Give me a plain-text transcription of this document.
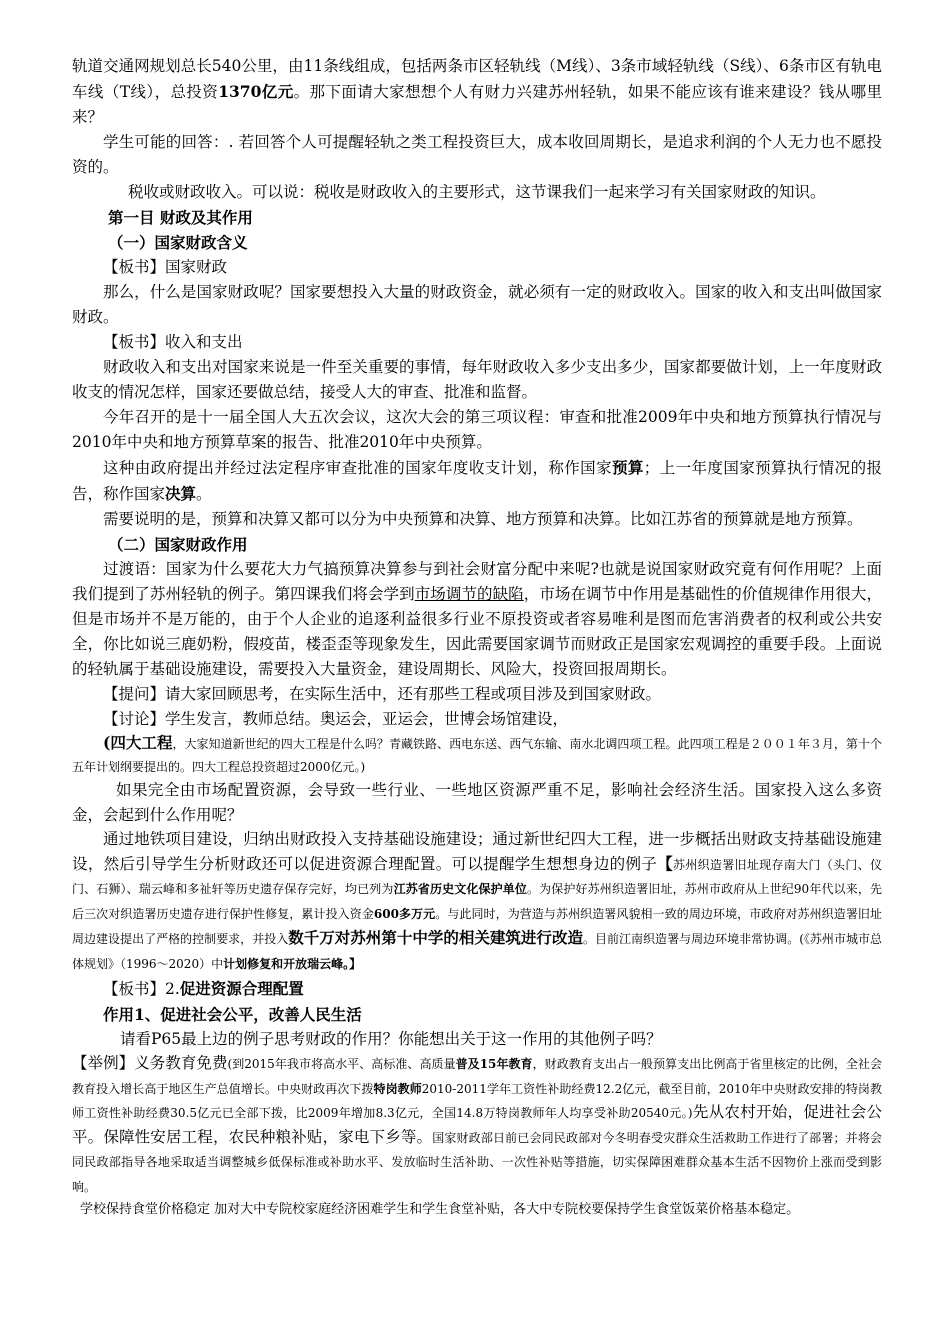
轨道交通网规划总长540公里，由11条线组成，包括两条市区轻轨线（M线）、3条市域轻轨线（S线）、6条市区有轨电车线（T线），总投资1370亿元。那下面请大家想想个人有财力兴建苏州轻轨，如果不能应该有谁来建设？钱从哪里来？

学生可能的回答：. 若回答个人可提醒轻轨之类工程投资巨大，成本收回周期长，是追求利润的个人无力也不愿投资的。

税收或财政收入。可以说：税收是财政收入的主要形式，这节课我们一起来学习有关国家财政的知识。

第一目 财政及其作用

（一）国家财政含义

【板书】国家财政

那么，什么是国家财政呢？国家要想投入大量的财政资金，就必须有一定的财政收入。国家的收入和支出叫做国家财政。

【板书】收入和支出

财政收入和支出对国家来说是一件至关重要的事情，每年财政收入多少支出多少，国家都要做计划，上一年度财政收支的情况怎样，国家还要做总结，接受人大的审查、批准和监督。

今年召开的是十一届全国人大五次会议，这次大会的第三项议程：审查和批准2009年中央和地方预算执行情况与2010年中央和地方预算草案的报告、批准2010年中央预算。

这种由政府提出并经过法定程序审查批准的国家年度收支计划，称作国家预算；上一年度国家预算执行情况的报告，称作国家决算。

需要说明的是，预算和决算又都可以分为中央预算和决算、地方预算和决算。比如江苏省的预算就是地方预算。

（二）国家财政作用

过渡语：国家为什么要花大力气搞预算决算参与到社会财富分配中来呢?也就是说国家财政究竟有何作用呢？上面我们提到了苏州轻轨的例子。第四课我们将会学到市场调节的缺陷，市场在调节中作用是基础性的价值规律作用很大，但是市场并不是万能的，由于个人企业的追逐利益很多行业不原投资或者容易唯利是图而危害消费者的权利或公共安全，你比如说三鹿奶粉，假疫苗，楼歪歪等现象发生，因此需要国家调节而财政正是国家宏观调控的重要手段。上面说的轻轨属于基础设施建设，需要投入大量资金，建设周期长、风险大，投资回报周期长。

【提问】请大家回顾思考，在实际生活中，还有那些工程或项目涉及到国家财政。

【讨论】学生发言，教师总结。奥运会，亚运会，世博会场馆建设，

(四大工程，大家知道新世纪的四大工程是什么吗？青藏铁路、西电东送、西气东输、南水北调四项工程。此四项工程是２００１年３月，第十个五年计划纲要提出的。四大工程总投资超过2000亿元。)

如果完全由市场配置资源，会导致一些行业、一些地区资源严重不足，影响社会经济生活。国家投入这么多资金，会起到什么作用呢？

通过地铁项目建设，归纳出财政投入支持基础设施建设；通过新世纪四大工程，进一步概括出财政支持基础设施建设，然后引导学生分析财政还可以促进资源合理配置。可以提醒学生想想身边的例子【苏州织造署旧址现存南大门（头门、仪门、石狮）、瑞云峰和多祉轩等历史遗存保存完好，均已列为江苏省历史文化保护单位。为保护好苏州织造署旧址，苏州市政府从上世纪90年代以来，先后三次对织造署历史遗存进行保护性修复，累计投入资金600多万元。与此同时，为营造与苏州织造署风貌相一致的周边环境，市政府对苏州织造署旧址周边建设提出了严格的控制要求，并投入数千万对苏州第十中学的相关建筑进行改造。目前江南织造署与周边环境非常协调。(《苏州市城市总体规划》（1996～2020）中计划修复和开放瑞云峰。】

【板书】2.促进资源合理配置

作用1、促进社会公平，改善人民生活

请看P65最上边的例子思考财政的作用？你能想出关于这一作用的其他例子吗？

【举例】义务教育免费(到2015年我市将高水平、高标准、高质量普及15年教育，财政教育支出占一般预算支出比例高于省里核定的比例，全社会教育投入增长高于地区生产总值增长。中央财政再次下拨特岗教师2010-2011学年工资性补助经费12.2亿元，截至目前，2010年中央财政安排的特岗教师工资性补助经费30.5亿元已全部下拨，比2009年增加8.3亿元，全国14.8万特岗教师年人均享受补助20540元。)先从农村开始，促进社会公平。保障性安居工程，农民种粮补贴，家电下乡等。国家财政部日前已会同民政部对今冬明春受灾群众生活救助工作进行了部署；并将会同民政部指导各地采取适当调整城乡低保标准或补助水平、发放临时生活补助、一次性补贴等措施，切实保障困难群众基本生活不因物价上涨而受到影响。

学校保持食堂价格稳定 加对大中专院校家庭经济困难学生和学生食堂补贴，各大中专院校要保持学生食堂饭菜价格基本稳定。
